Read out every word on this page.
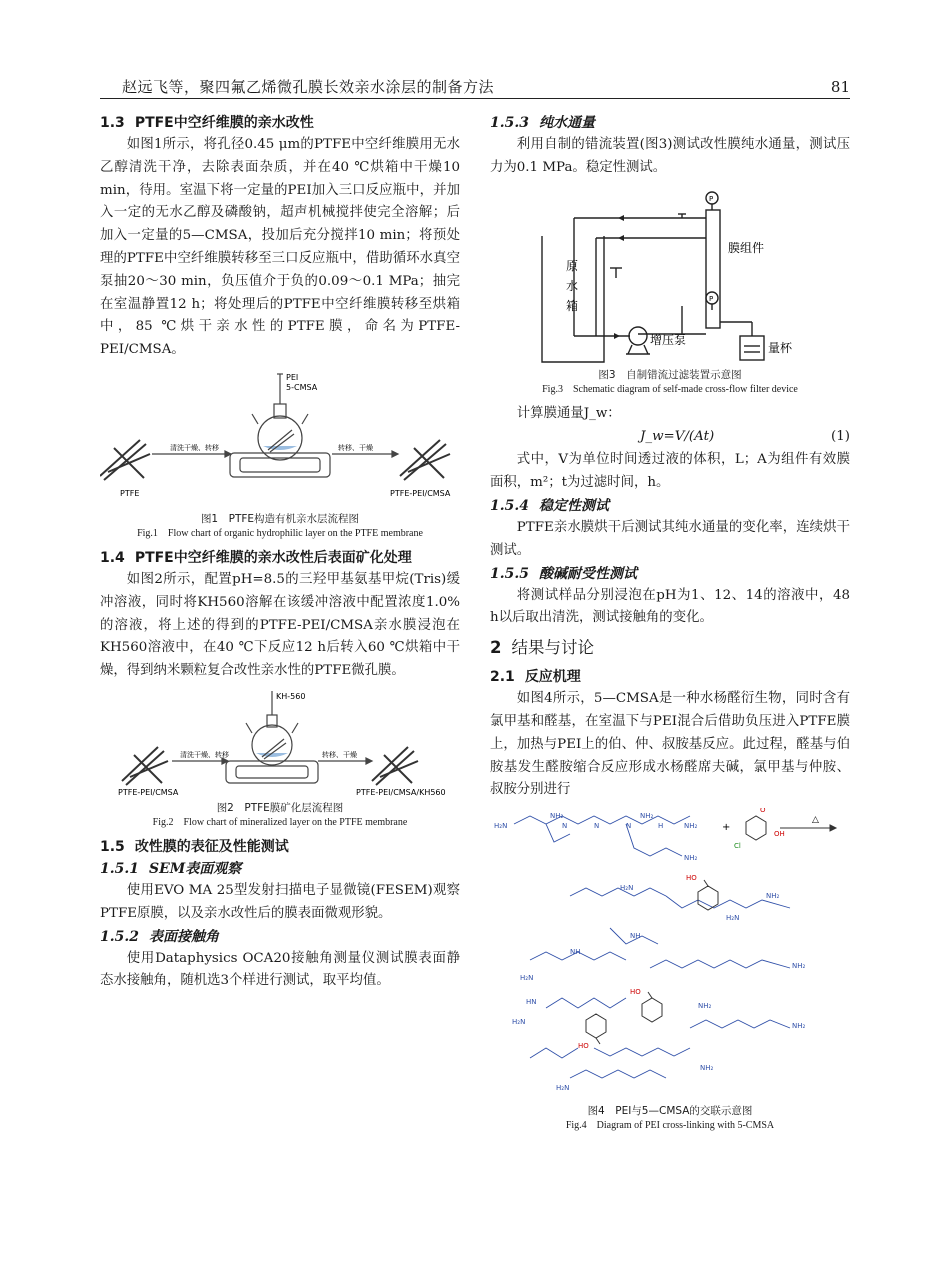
赵远飞等，聚四氟乙烯微孔膜长效亲水涂层的制备方法	81
1.3 PTFE中空纤维膜的亲水改性

如图1所示，将孔径0.45 μm的PTFE中空纤维膜用无水乙醇清洗干净，去除表面杂质，并在40 ℃烘箱中干燥10 min，待用。室温下将一定量的PEI加入三口反应瓶中，并加入一定的无水乙醇及磷酸钠，超声机械搅拌使完全溶解；后加入一定量的5—CMSA，投加后充分搅拌10 min；将预处理的PTFE中空纤维膜转移至三口反应瓶中，借助循环水真空泵抽20～30 min，负压值介于负的0.09～0.1 MPa；抽完在室温静置12 h；将处理后的PTFE中空纤维膜转移至烘箱中，85 ℃烘干亲水性的PTFE膜，命名为PTFE-PEI/CMSA。

PEI
5-CMSA
清洗干燥、转移	转移、干燥
PTFE	PTFE-PEI/CMSA
图1　PTFE构造有机亲水层流程图
Fig.1　Flow chart of organic hydrophilic layer on the PTFE membrane
1.4 PTFE中空纤维膜的亲水改性后表面矿化处理

如图2所示，配置pH=8.5的三羟甲基氨基甲烷(Tris)缓冲溶液，同时将KH560溶解在该缓冲溶液中配置浓度1.0%的溶液，将上述的得到的PTFE-PEI/CMSA亲水膜浸泡在KH560溶液中，在40 ℃下反应12 h后转入60 ℃烘箱中干燥，得到纳米颗粒复合改性亲水性的PTFE微孔膜。

KH-560
清洗干燥、转移	转移、干燥
PTFE-PEI/CMSA	PTFE-PEI/CMSA/KH560
图2　PTFE膜矿化层流程图
Fig.2　Flow chart of mineralized layer on the PTFE membrane
1.5 改性膜的表征及性能测试
1.5.1 SEM表面观察

使用EVO MA 25型发射扫描电子显微镜(FESEM)观察PTFE原膜，以及亲水改性后的膜表面微观形貌。

1.5.2 表面接触角

使用Dataphysics OCA20接触角测量仪测试膜表面静态水接触角，随机选3个样进行测试，取平均值。

1.5.3 纯水通量

利用自制的错流装置(图3)测试改性膜纯水通量，测试压力为0.1 MPa。稳定性测试。

P
P
原
水
箱
膜组件
增压泵
量杯
图3　自制错流过滤装置示意图
Fig.3　Schematic diagram of self-made cross-flow filter device

计算膜通量J_w：

J_w=V/(At)	(1)

式中，V为单位时间透过液的体积，L；A为组件有效膜面积，m²；t为过滤时间，h。

1.5.4 稳定性测试

PTFE亲水膜烘干后测试其纯水通量的变化率，连续烘干测试。

1.5.5 酸碱耐受性测试

将测试样品分别浸泡在pH为1、12、14的溶液中，48 h以后取出清洗，测试接触角的变化。

2 结果与讨论
2.1 反应机理

如图4所示，5—CMSA是一种水杨醛衍生物，同时含有氯甲基和醛基，在室温下与PEI混合后借助负压进入PTFE膜上，加热与PEI上的伯、仲、叔胺基反应。此过程，醛基与伯胺基发生醛胺缩合反应形成水杨醛席夫碱，氯甲基与仲胺、叔胺分别进行

H₂N
NH₂	NH₂
NH₂
N	N	N	H
NH₂
+
O
OH
Cl
△
HO
NH₂
H₂N
H₂N
NH
NH
NH₂
H₂N
HN
HO
NH₂
H₂N
HO
NH₂
NH₂
H₂N
图4　PEI与5—CMSA的交联示意图
Fig.4　Diagram of PEI cross-linking with 5-CMSA
